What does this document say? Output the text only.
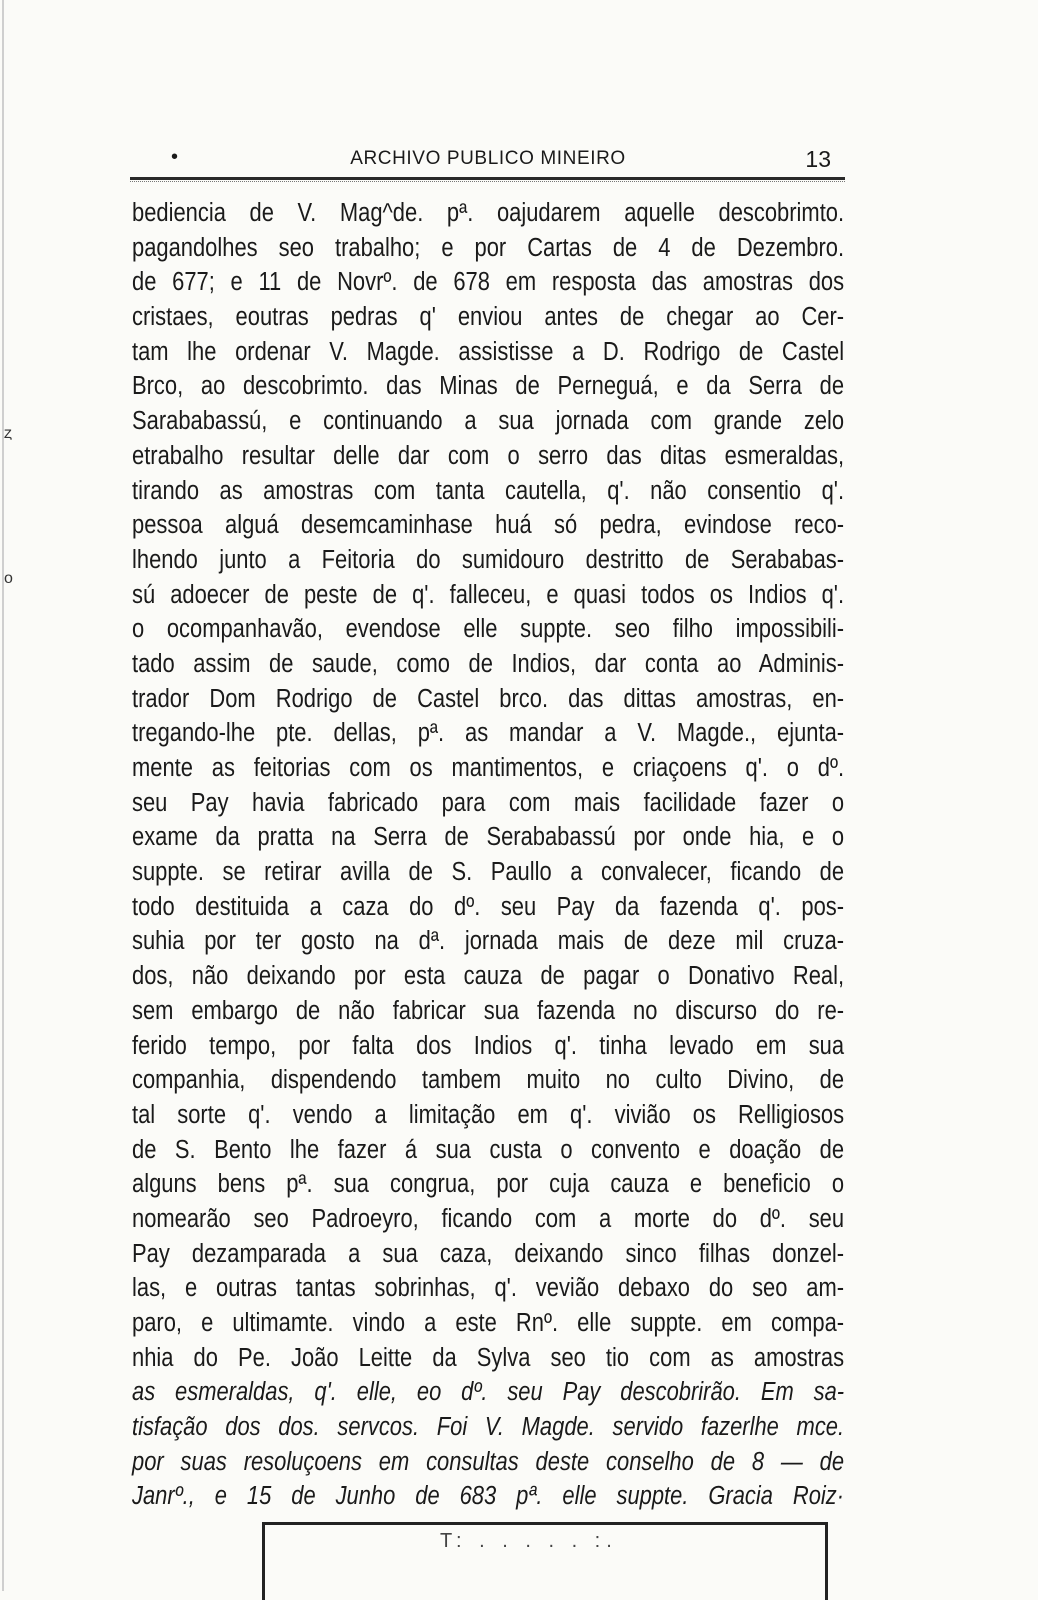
•	ARCHIVO PUBLICO MINEIRO	13
ȥ
o
bediencia de V. Mag^de. pª. oajudarem aquelle descobrimto.
pagandolhes seo trabalho; e por Cartas de 4 de Dezembro.
de 677; e 11 de Novrº. de 678 em resposta das amostras dos
cristaes, eoutras pedras q' enviou antes de chegar ao Cer-
tam lhe ordenar V. Magde. assistisse a D. Rodrigo de Castel
Brco, ao descobrimto. das Minas de Perneguá, e da Serra de
Sarababassú, e continuando a sua jornada com grande zelo
etrabalho resultar delle dar com o serro das ditas esmeraldas,
tirando as amostras com tanta cautella, q'. não consentio q'.
pessoa alguá desemcaminhase huá só pedra, evindose reco-
lhendo junto a Feitoria do sumidouro destritto de Serababas-
sú adoecer de peste de q'. falleceu, e quasi todos os Indios q'.
o ocompanhavão, evendose elle suppte. seo filho impossibili-
tado assim de saude, como de Indios, dar conta ao Adminis-
trador Dom Rodrigo de Castel brco. das dittas amostras, en-
tregando-lhe pte. dellas, pª. as mandar a V. Magde., ejunta-
mente as feitorias com os mantimentos, e criaçoens q'. o dº.
seu Pay havia fabricado para com mais facilidade fazer o
exame da pratta na Serra de Serababassú por onde hia, e o
suppte. se retirar avilla de S. Paullo a convalecer, ficando de
todo destituida a caza do dº. seu Pay da fazenda q'. pos-
suhia por ter gosto na dª. jornada mais de deze mil cruza-
dos, não deixando por esta cauza de pagar o Donativo Real,
sem embargo de não fabricar sua fazenda no discurso do re-
ferido tempo, por falta dos Indios q'. tinha levado em sua
companhia, dispendendo tambem muito no culto Divino, de
tal sorte q'. vendo a limitação em q'. vivião os Relligiosos
de S. Bento lhe fazer á sua custa o convento e doação de
alguns bens pª. sua congrua, por cuja cauza e beneficio o
nomearão seo Padroeyro, ficando com a morte do dº. seu
Pay dezamparada a sua caza, deixando sinco filhas donzel-
las, e outras tantas sobrinhas, q'. vevião debaxo do seo am-
paro, e ultimamte. vindo a este Rnº. elle suppte. em compa-
nhia do Pe. João Leitte da Sylva seo tio com as amostras
as esmeraldas, q'. elle, eo dº. seu Pay descobrirão. Em sa-
tisfação dos dos. servcos. Foi V. Magde. servido fazerlhe mce.
por suas resoluçoens em consultas deste conselho de 8 — de
Janrº., e 15 de Junho de 683 pª. elle suppte. Gracia Roiz·
T: . . . . . :.
